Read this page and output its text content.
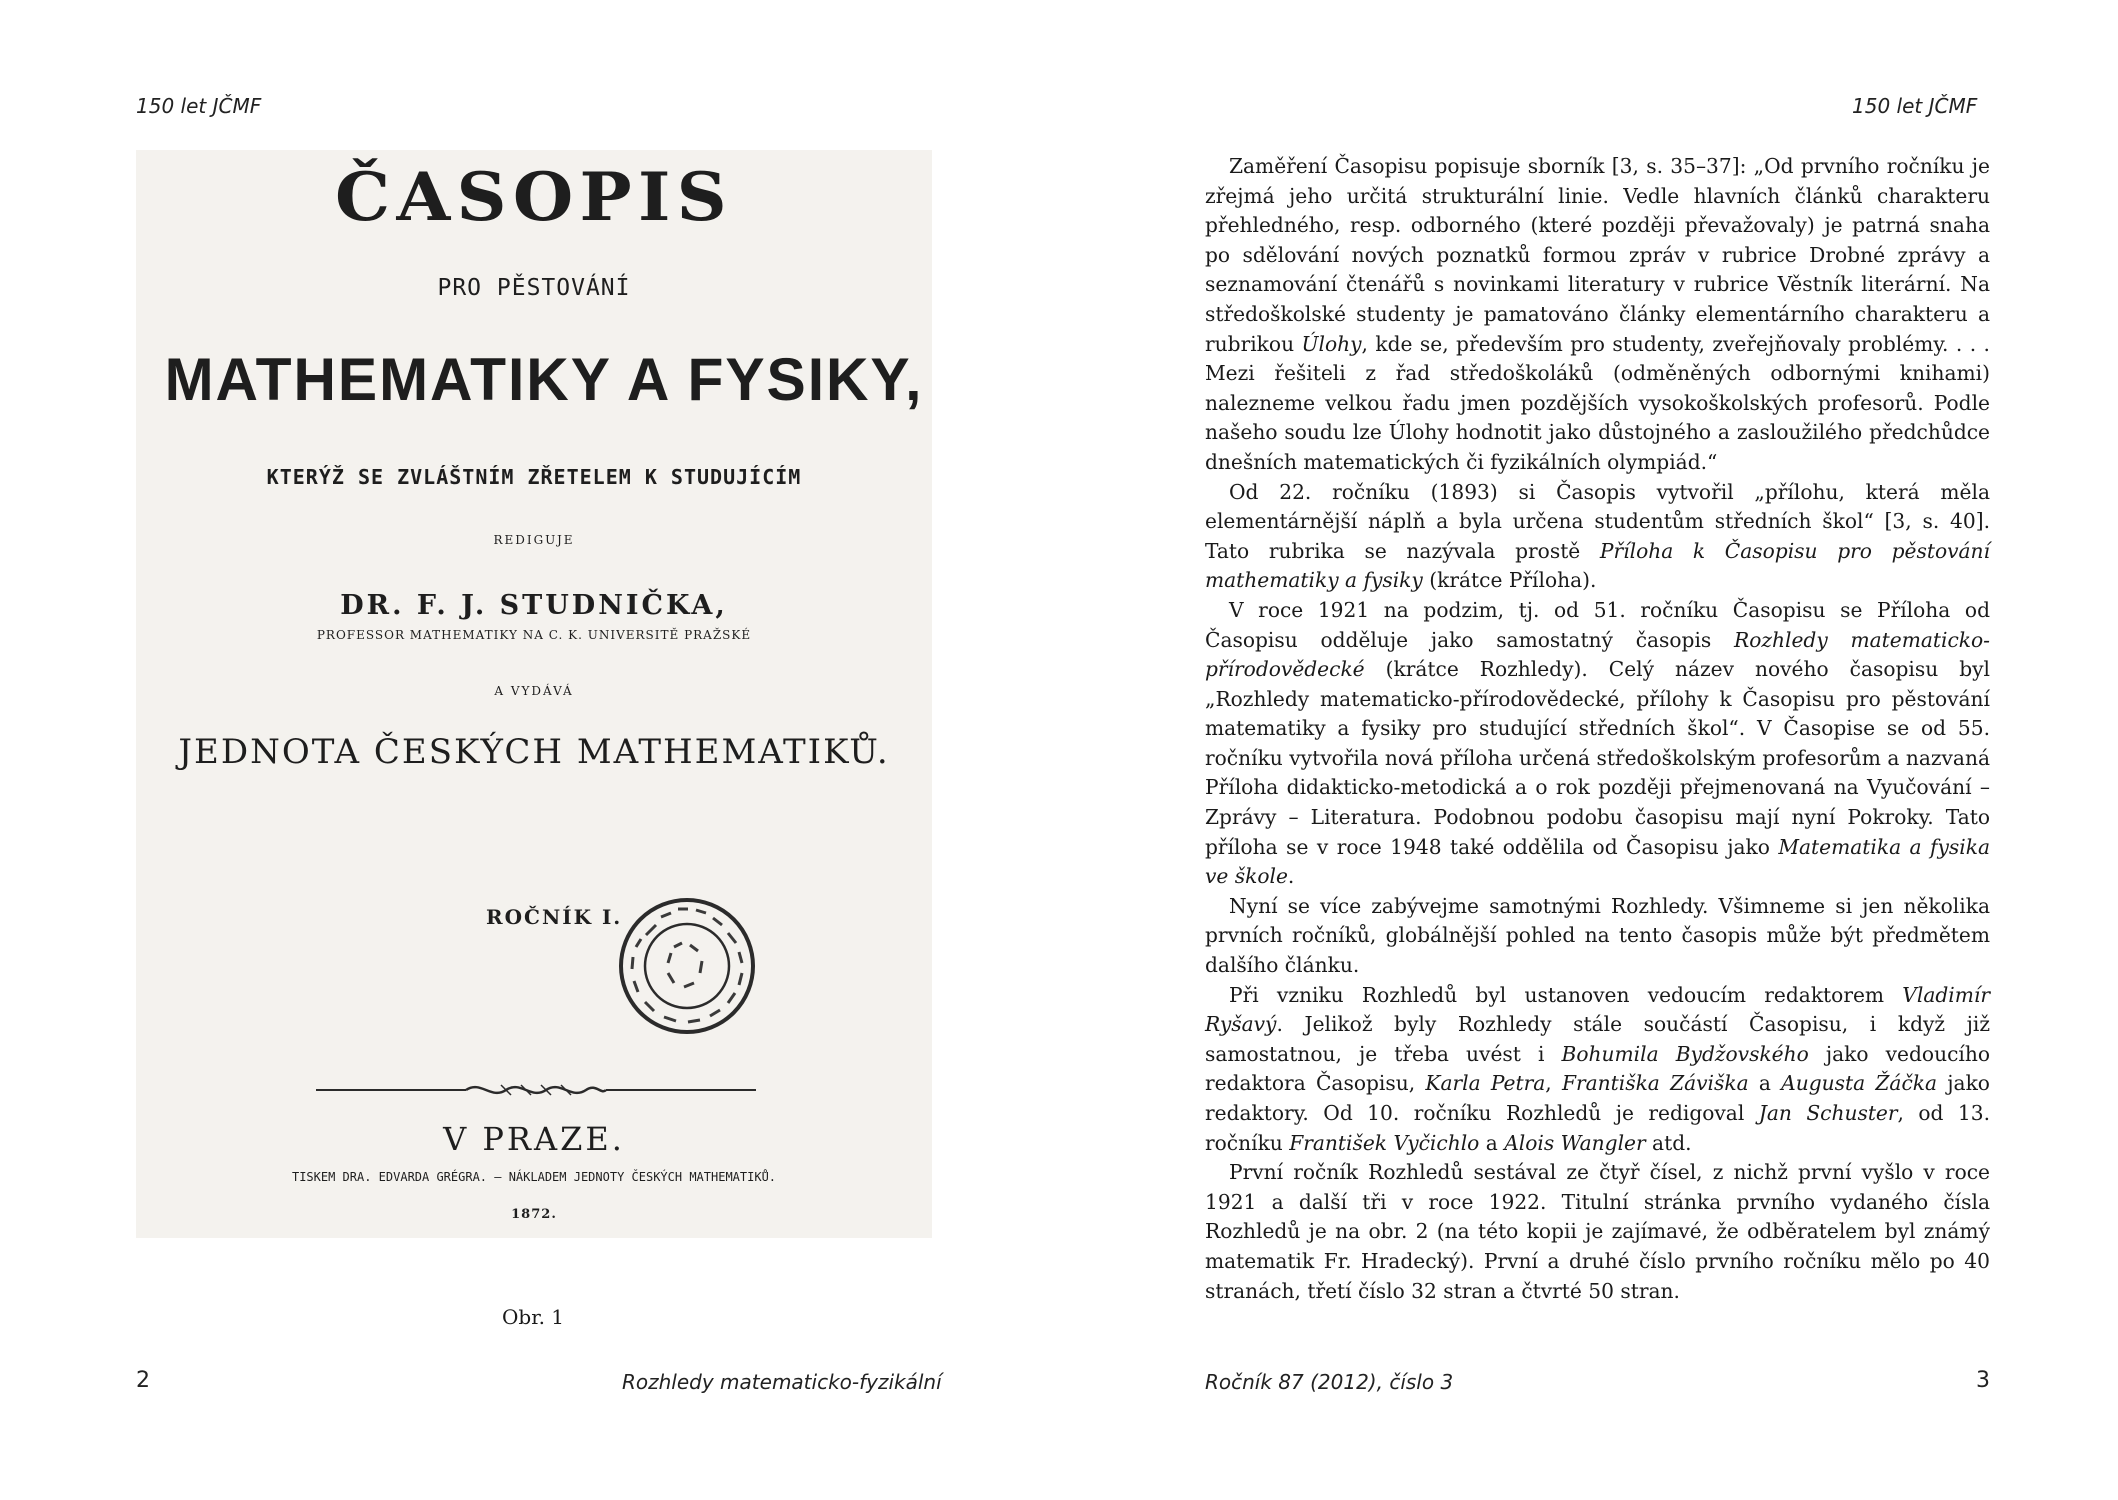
150 let JČMF
ČASOPIS
PRO PĚSTOVÁNÍ
MATHEMATIKY A FYSIKY,
KTERÝŽ SE ZVLÁŠTNÍM ZŘETELEM K STUDUJÍCÍM
REDIGUJE
DR. F. J. STUDNIČKA,
PROFESSOR MATHEMATIKY NA C. K. UNIVERSITĚ PRAŽSKÉ
A VYDÁVÁ
JEDNOTA ČESKÝCH MATHEMATIKŮ.
ROČNÍK I.
V PRAZE.
TISKEM DRA. EDVARDA GRÉGRA. — NÁKLADEM JEDNOTY ČESKÝCH MATHEMATIKŮ.
1872.
Obr. 1
2	Rozhledy matematicko-fyzikální
150 let JČMF

Zaměření Časopisu popisuje sborník [3, s. 35–37]: „Od prvního ročníku je zřejmá jeho určitá strukturální linie. Vedle hlavních článků charakteru přehledného, resp. odborného (které později převažovaly) je patrná snaha po sdělování nových poznatků formou zpráv v rubrice Drobné zprávy a seznamování čtenářů s novinkami literatury v rubrice Věstník literární. Na středoškolské studenty je pamatováno články elementárního charakteru a rubrikou Úlohy, kde se, především pro studenty, zveřejňovaly problémy. . . . Mezi řešiteli z řad středoškoláků (odměněných odbornými knihami) nalezneme velkou řadu jmen pozdějších vysokoškolských profesorů. Podle našeho soudu lze Úlohy hodnotit jako důstojného a zasloužilého předchůdce dnešních matematických či fyzikálních olympiád.“

Od 22. ročníku (1893) si Časopis vytvořil „přílohu, která měla elementárnější náplň a byla určena studentům středních škol“ [3, s. 40]. Tato rubrika se nazývala prostě Příloha k Časopisu pro pěstování mathematiky a fysiky (krátce Příloha).

V roce 1921 na podzim, tj. od 51. ročníku Časopisu se Příloha od Časopisu odděluje jako samostatný časopis Rozhledy matematicko-přírodovědecké (krátce Rozhledy). Celý název nového časopisu byl „Rozhledy matematicko-přírodovědecké, přílohy k Časopisu pro pěstování matematiky a fysiky pro studující středních škol“. V Časopise se od 55. ročníku vytvořila nová příloha určená středoškolským profesorům a nazvaná Příloha didakticko-metodická a o rok později přejmenovaná na Vyučování – Zprávy – Literatura. Podobnou podobu časopisu mají nyní Pokroky. Tato příloha se v roce 1948 také oddělila od Časopisu jako Matematika a fysika ve škole.

Nyní se více zabývejme samotnými Rozhledy. Všimneme si jen několika prvních ročníků, globálnější pohled na tento časopis může být předmětem dalšího článku.

Při vzniku Rozhledů byl ustanoven vedoucím redaktorem Vladimír Ryšavý. Jelikož byly Rozhledy stále součástí Časopisu, i když již samostatnou, je třeba uvést i Bohumila Bydžovského jako vedoucího redaktora Časopisu, Karla Petra, Františka Záviška a Augusta Žáčka jako redaktory. Od 10. ročníku Rozhledů je redigoval Jan Schuster, od 13. ročníku František Vyčichlo a Alois Wangler atd.

První ročník Rozhledů sestával ze čtyř čísel, z nichž první vyšlo v roce 1921 a další tři v roce 1922. Titulní stránka prvního vydaného čísla Rozhledů je na obr. 2 (na této kopii je zajímavé, že odběratelem byl známý matematik Fr. Hradecký). První a druhé číslo prvního ročníku mělo po 40 stranách, třetí číslo 32 stran a čtvrté 50 stran.

Ročník 87 (2012), číslo 3	3
